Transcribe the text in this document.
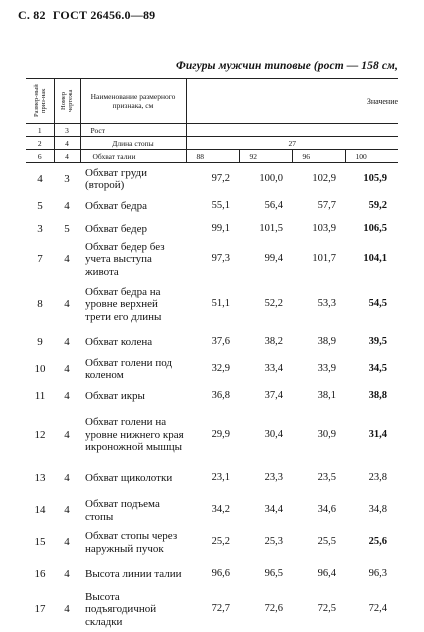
С. 82 ГОСТ 26456.0—89
Фигуры мужчин типовые (рост — 158 см,
Размер-ный приз-нак	Номер чертежа	Наименование размерного признака, см	Значение			
1	3	Рост				
2	4	Длина стопы	27			
6	4	Обхват талии	88	92	96	100
4	3	Обхват груди (второй)	97,2	100,0	102,9	105,9
5	4	Обхват бедра	55,1	56,4	57,7	59,2
3	5	Обхват бедер	99,1	101,5	103,9	106,5
7	4	Обхват бедер без учета выступа живота	97,3	99,4	101,7	104,1
8	4	Обхват бедра на уровне верхней трети его длины	51,1	52,2	53,3	54,5
9	4	Обхват колена	37,6	38,2	38,9	39,5
10	4	Обхват голени под коленом	32,9	33,4	33,9	34,5
11	4	Обхват икры	36,8	37,4	38,1	38,8
12	4	Обхват голени на уровне нижнего края икроножной мышцы	29,9	30,4	30,9	31,4
13	4	Обхват щиколотки	23,1	23,3	23,5	23,8
14	4	Обхват подъема стопы	34,2	34,4	34,6	34,8
15	4	Обхват стопы через наружный пучок	25,2	25,3	25,5	25,6
16	4	Высота линии талии	96,6	96,5	96,4	96,3
17	4	Высота подъягодичной складки	72,7	72,6	72,5	72,4
